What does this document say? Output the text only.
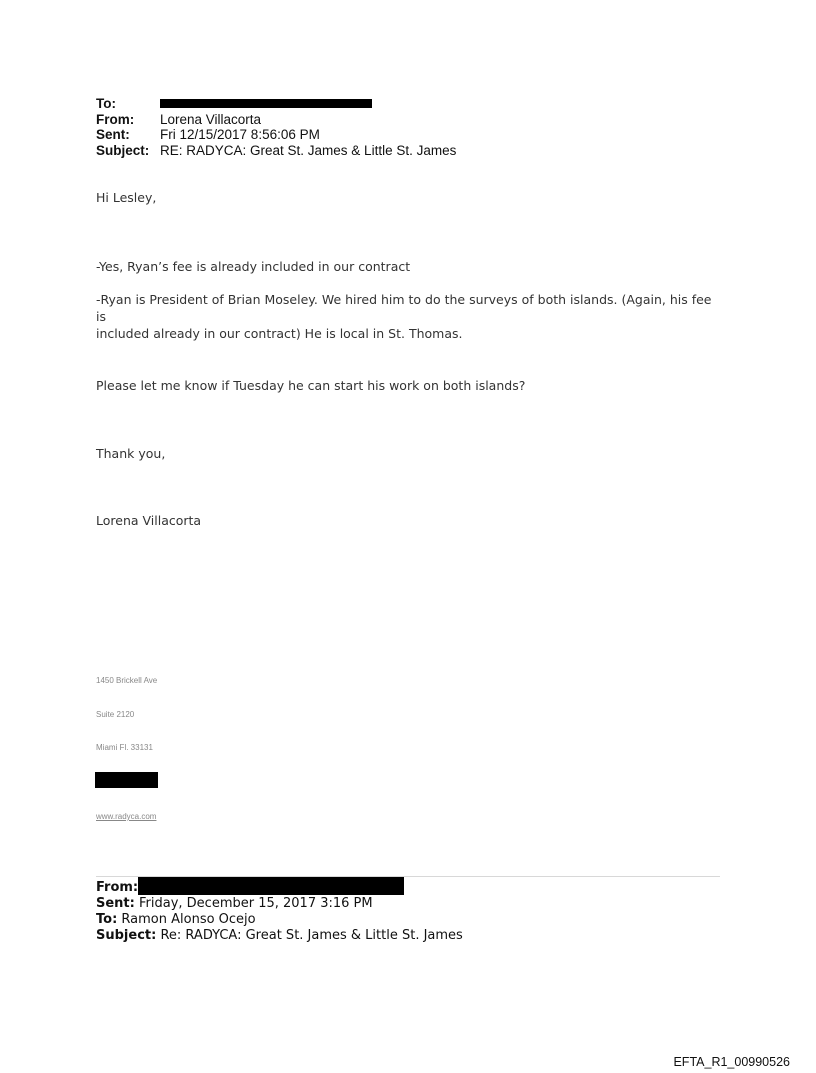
To:
From:	Lorena Villacorta
Sent:	Fri 12/15/2017 8:56:06 PM
Subject: RE: RADYCA: Great St. James & Little St. James
Hi Lesley,
-Yes, Ryan’s fee is already included in our contract
-Ryan is President of Brian Moseley. We hired him to do the surveys of both islands. (Again, his fee is
included already in our contract) He is local in St. Thomas.
Please let me know if Tuesday he can start his work on both islands?
Thank you,
Lorena Villacorta
1450 Brickell Ave
Suite 2120
Miami Fl. 33131
www.radyca.com
From:
Sent: Friday, December 15, 2017 3:16 PM
To: Ramon Alonso Ocejo
Subject: Re: RADYCA: Great St. James & Little St. James
EFTA_R1_00990526
